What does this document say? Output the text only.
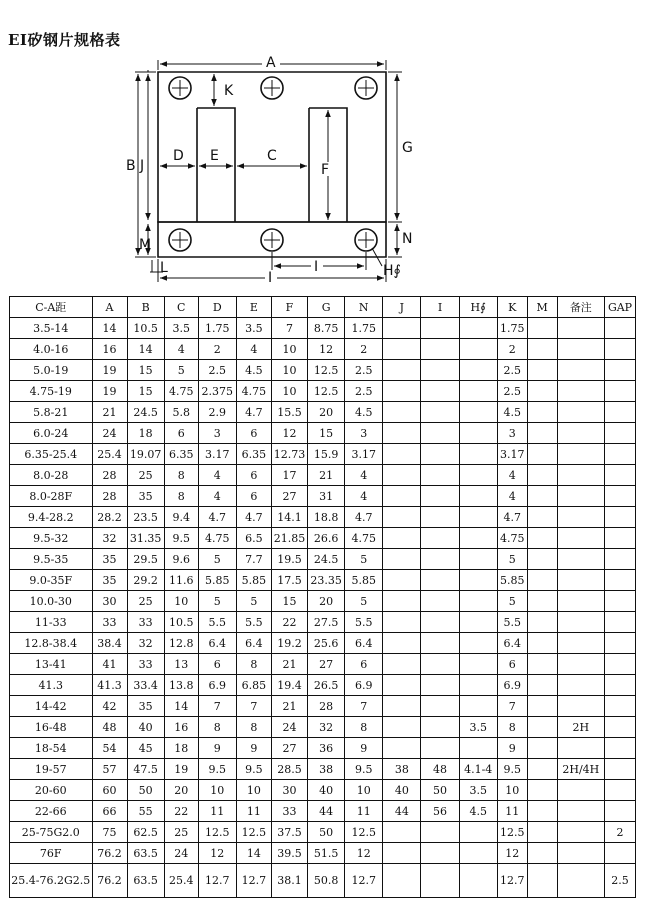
EI矽钢片规格表
A
B J
K
D E	C
F
G
N
M
L
I
I	H∮
C-A距	A	B	C	D	E	F	G	N	J	I	H∮	K	M	备注	GAP
3.5-14	14	10.5	3.5	1.75	3.5	7	8.75	1.75				1.75			
4.0-16	16	14	4	2	4	10	12	2				2			
5.0-19	19	15	5	2.5	4.5	10	12.5	2.5				2.5			
4.75-19	19	15	4.75	2.375	4.75	10	12.5	2.5				2.5			
5.8-21	21	24.5	5.8	2.9	4.7	15.5	20	4.5				4.5			
6.0-24	24	18	6	3	6	12	15	3				3			
6.35-25.4	25.4	19.07	6.35	3.17	6.35	12.73	15.9	3.17				3.17			
8.0-28	28	25	8	4	6	17	21	4				4			
8.0-28F	28	35	8	4	6	27	31	4				4			
9.4-28.2	28.2	23.5	9.4	4.7	4.7	14.1	18.8	4.7				4.7			
9.5-32	32	31.35	9.5	4.75	6.5	21.85	26.6	4.75				4.75			
9.5-35	35	29.5	9.6	5	7.7	19.5	24.5	5				5			
9.0-35F	35	29.2	11.6	5.85	5.85	17.5	23.35	5.85				5.85			
10.0-30	30	25	10	5	5	15	20	5				5			
11-33	33	33	10.5	5.5	5.5	22	27.5	5.5				5.5			
12.8-38.4	38.4	32	12.8	6.4	6.4	19.2	25.6	6.4				6.4			
13-41	41	33	13	6	8	21	27	6				6			
41.3	41.3	33.4	13.8	6.9	6.85	19.4	26.5	6.9				6.9			
14-42	42	35	14	7	7	21	28	7				7			
16-48	48	40	16	8	8	24	32	8			3.5	8		2H	
18-54	54	45	18	9	9	27	36	9				9			
19-57	57	47.5	19	9.5	9.5	28.5	38	9.5	38	48	4.1-4	9.5		2H/4H	
20-60	60	50	20	10	10	30	40	10	40	50	3.5	10			
22-66	66	55	22	11	11	33	44	11	44	56	4.5	11			
25-75G2.0	75	62.5	25	12.5	12.5	37.5	50	12.5				12.5			2
76F	76.2	63.5	24	12	14	39.5	51.5	12				12			
25.4-76.2G2.5	76.2	63.5	25.4	12.7	12.7	38.1	50.8	12.7				12.7			2.5
